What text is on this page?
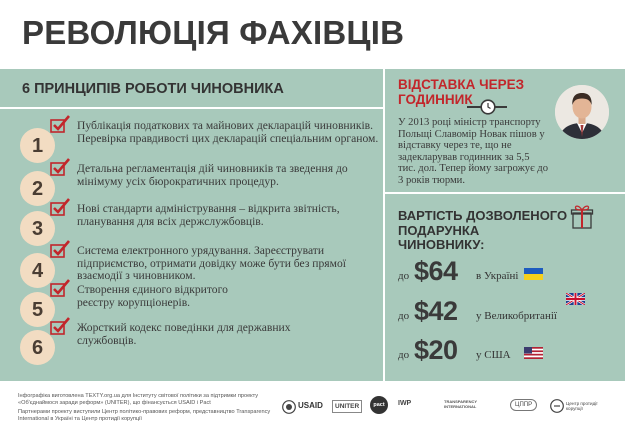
РЕВОЛЮЦІЯ ФАХІВЦІВ
6 ПРИНЦИПІВ РОБОТИ ЧИНОВНИКА
1
Публікація податкових та майнових декларацій чиновників. Перевірка правдивості цих декларацій спеціальним органом.
2
Детальна регламентація дій чиновників та зведення до мінімуму усіх бюрократичних процедур.
3
Нові стандарти адміністрування – відкрита звітність, планування для всіх держслужбовців.
4
Система електронного урядування. Зареєструвати підприємство, отримати довідку може бути без прямої взаємодії з чиновником.
5
Створення єдиного відкритого реєстру корупціонерів.
6
Жорсткий кодекс поведінки для державних службовців.
ВІДСТАВКА ЧЕРЕЗ ГОДИННИК
У 2013 році міністр транспорту Польщі Славомір Новак пішов у відставку через те, що не задекларував годинник за 5,5 тис. дол. Тепер йому загрожує до 3 років тюрми.
ВАРТІСТЬ ДОЗВОЛЕНОГО ПОДАРУНКА ЧИНОВНИКУ:
до $64 в Україні
до $42 у Великобританії
до $20 у США
Інфографіка виготовлена TEXTY.org.ua для Інституту світової політики за підтримки проекту «Об'єднаймося заради реформ» (UNITER), що фінансується USAID і Pact
Партнерами проекту виступили Центр політико-правових реформ, представництво Transparency International в Україні та Центр протидії корупції
USAID	UNITER	pact	IWP	TRANSPARENCY INTERNATIONAL	ЦППР	Центр протидії корупції
